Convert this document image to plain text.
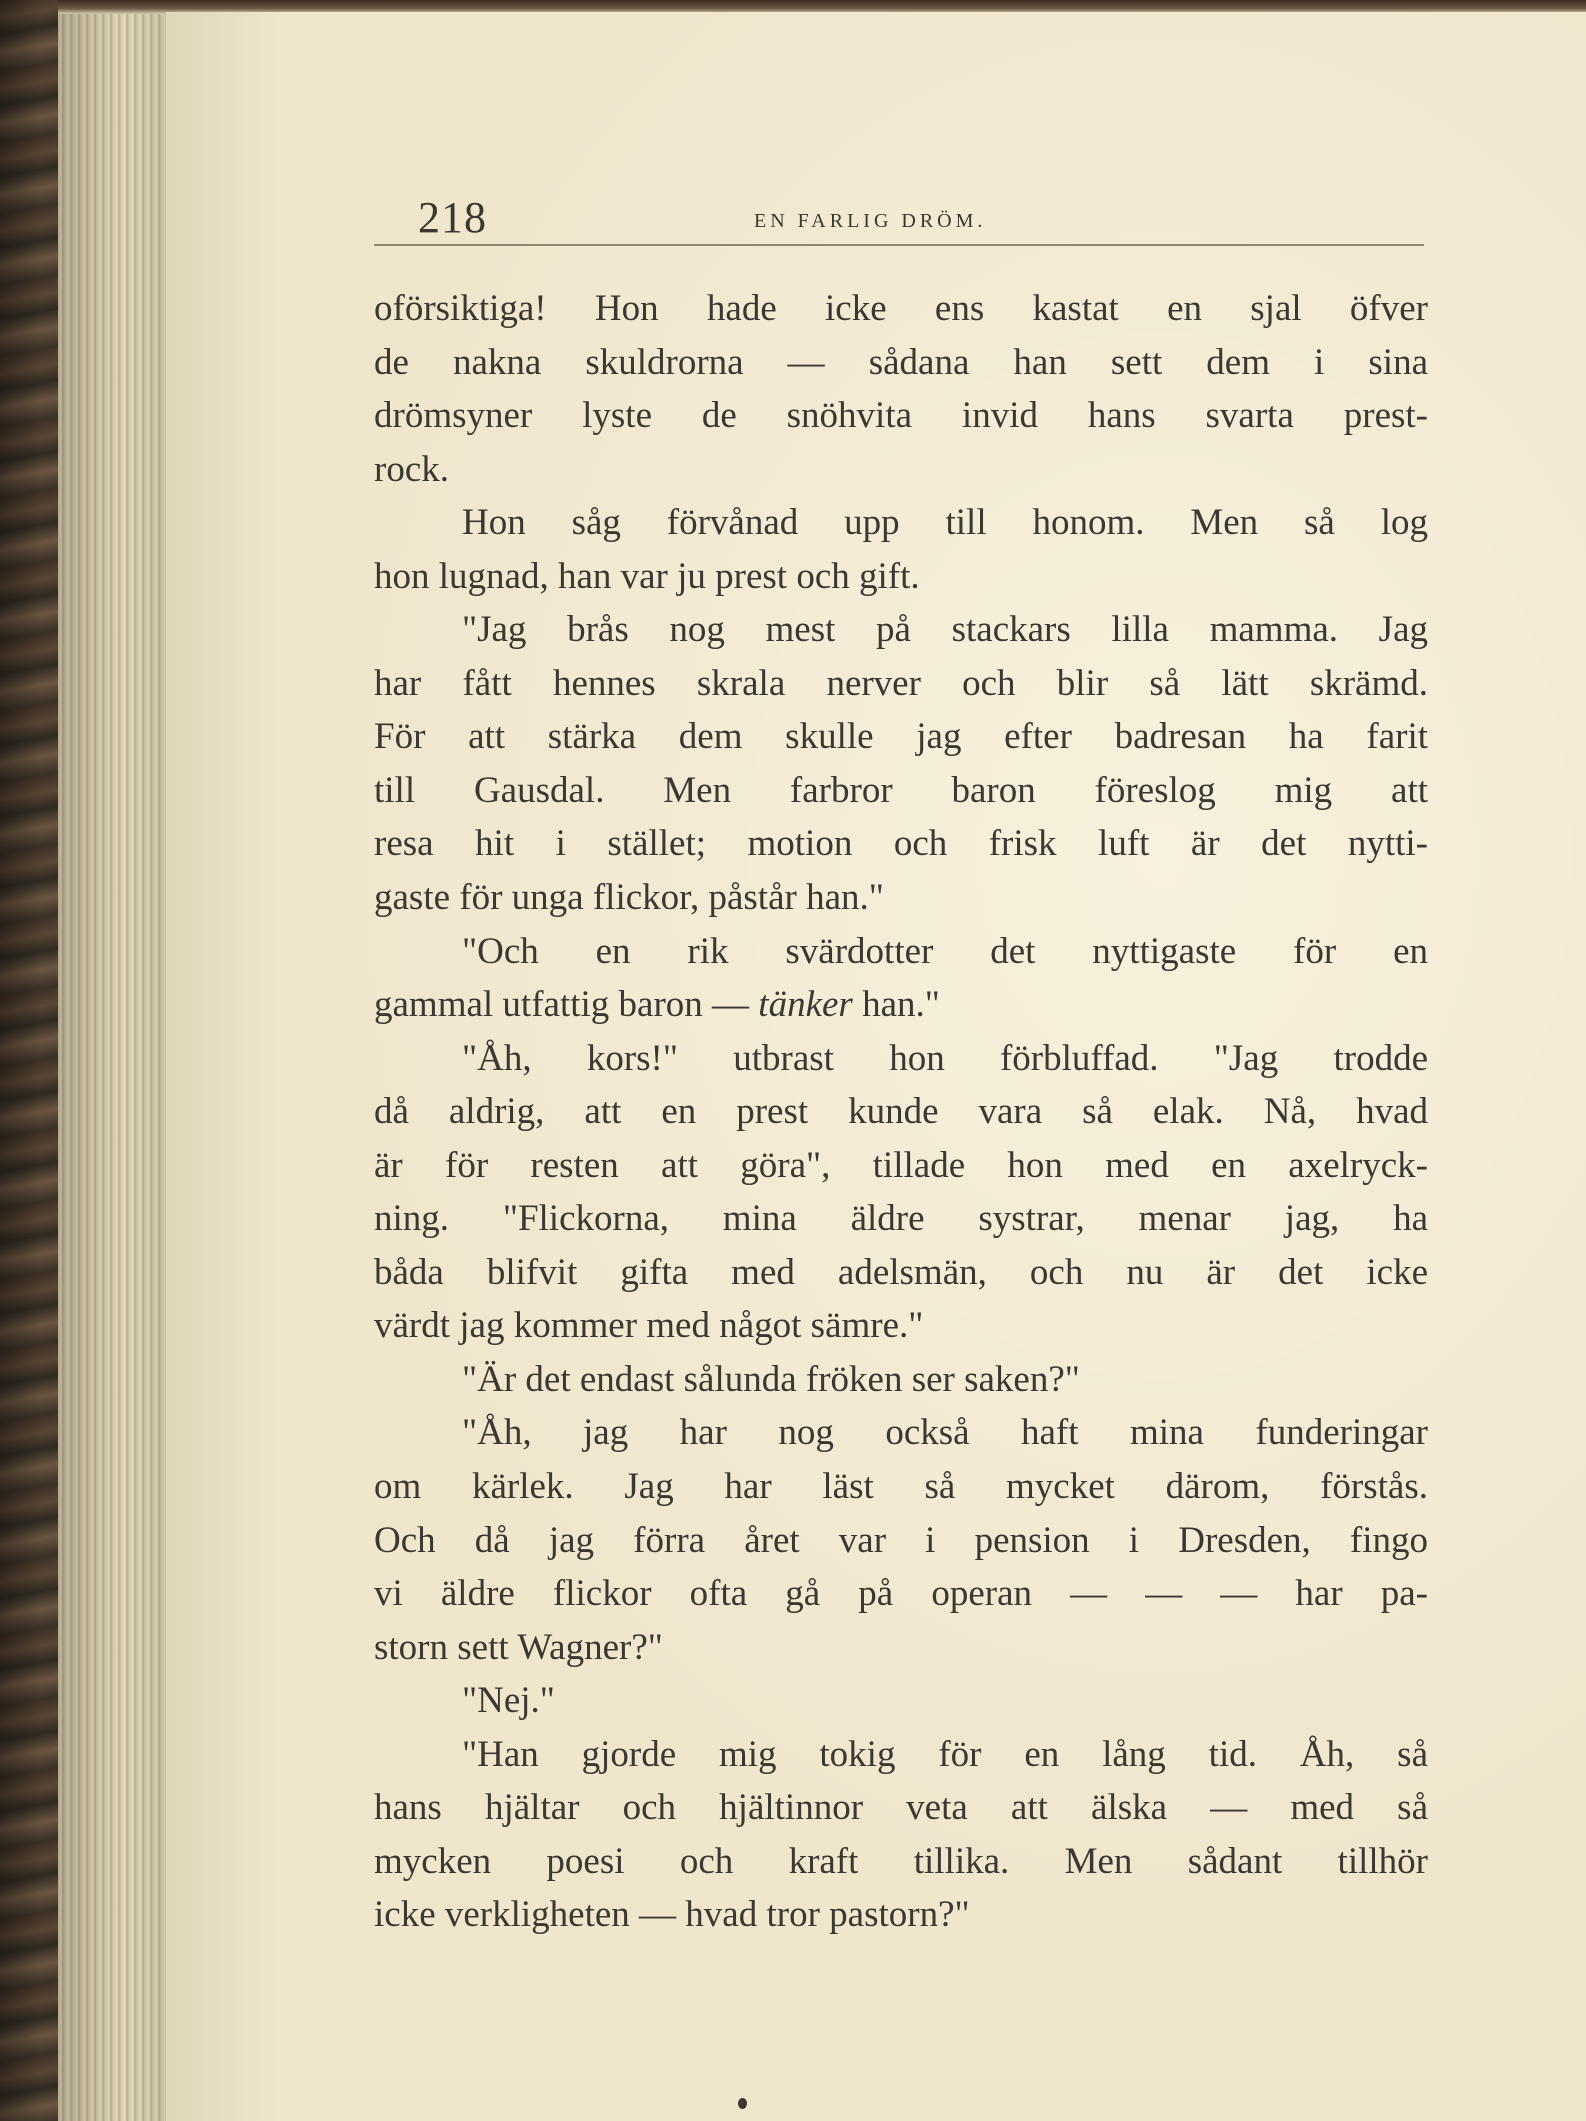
218	EN FARLIG DRÖM.
oförsiktiga! Hon hade icke ens kastat en sjal öfver
de nakna skuldrorna — sådana han sett dem i sina
drömsyner lyste de snöhvita invid hans svarta prest-
rock.
Hon såg förvånad upp till honom. Men så log
hon lugnad, han var ju prest och gift.
"Jag brås nog mest på stackars lilla mamma. Jag
har fått hennes skrala nerver och blir så lätt skrämd.
För att stärka dem skulle jag efter badresan ha farit
till Gausdal. Men farbror baron föreslog mig att
resa hit i stället; motion och frisk luft är det nytti-
gaste för unga flickor, påstår han."
"Och en rik svärdotter det nyttigaste för en
gammal utfattig baron — tänker han."
"Åh, kors!" utbrast hon förbluffad. "Jag trodde
då aldrig, att en prest kunde vara så elak. Nå, hvad
är för resten att göra", tillade hon med en axelryck-
ning. "Flickorna, mina äldre systrar, menar jag, ha
båda blifvit gifta med adelsmän, och nu är det icke
värdt jag kommer med något sämre."
"Är det endast sålunda fröken ser saken?"
"Åh, jag har nog också haft mina funderingar
om kärlek. Jag har läst så mycket därom, förstås.
Och då jag förra året var i pension i Dresden, fingo
vi äldre flickor ofta gå på operan — — — har pa-
storn sett Wagner?"
"Nej."
"Han gjorde mig tokig för en lång tid. Åh, så
hans hjältar och hjältinnor veta att älska — med så
mycken poesi och kraft tillika. Men sådant tillhör
icke verkligheten — hvad tror pastorn?"
